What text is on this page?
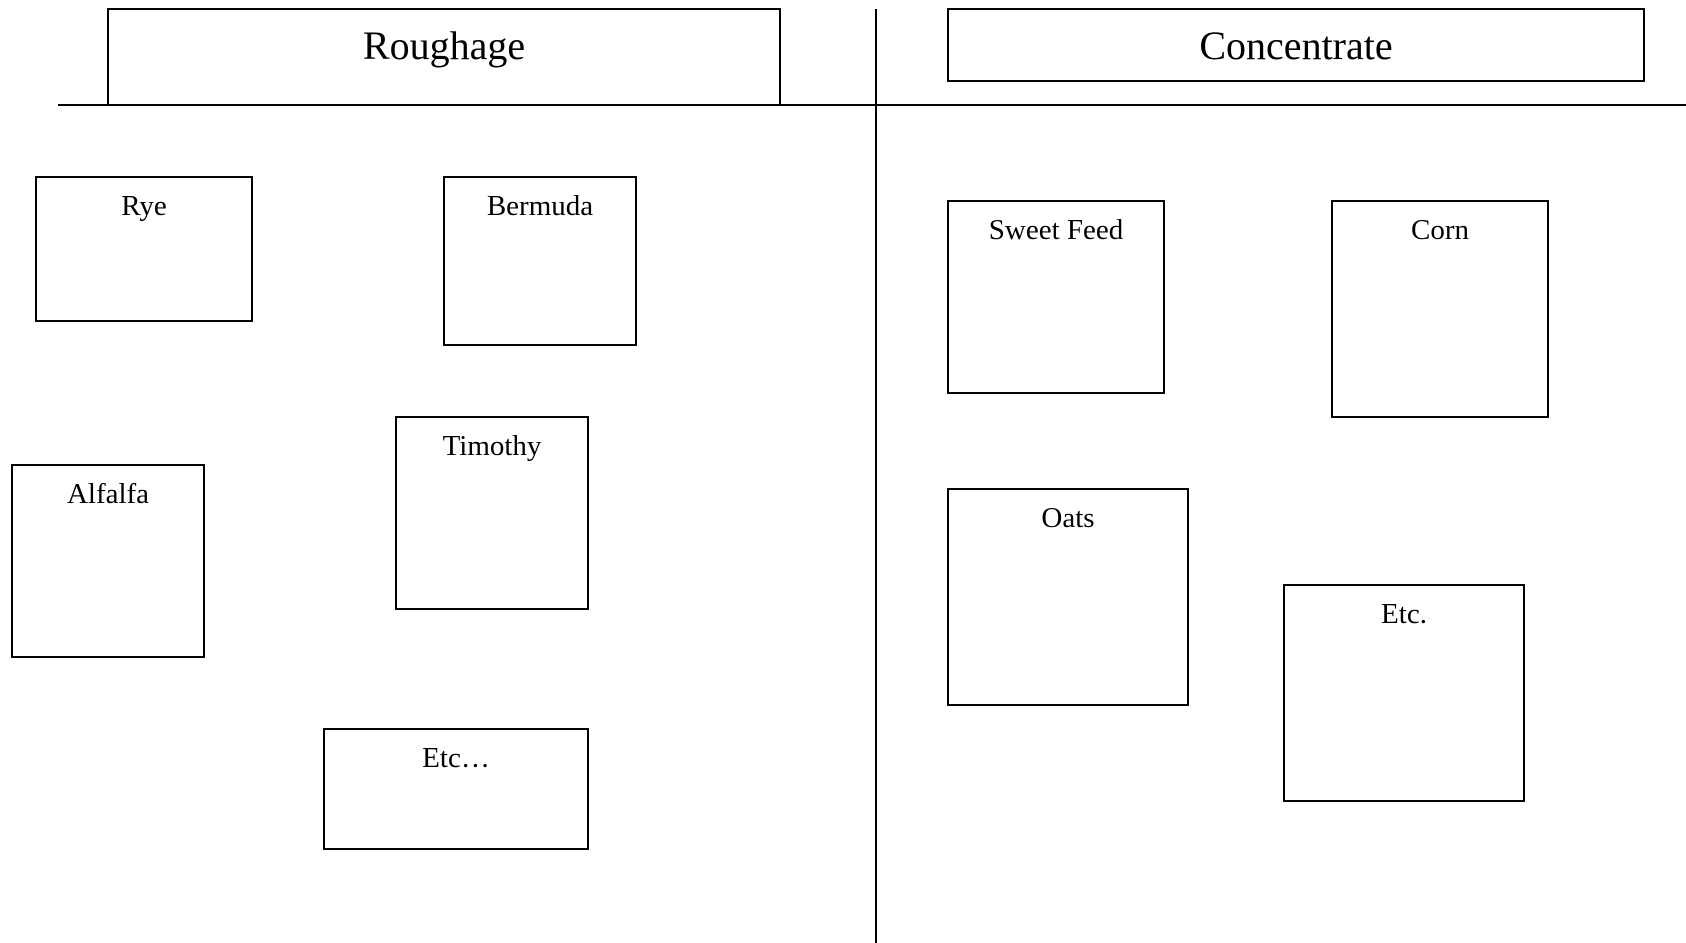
Roughage	Concentrate
Rye	Bermuda
Alfalfa
Timothy
Etc…
Sweet Feed	Corn
Oats
Etc.
